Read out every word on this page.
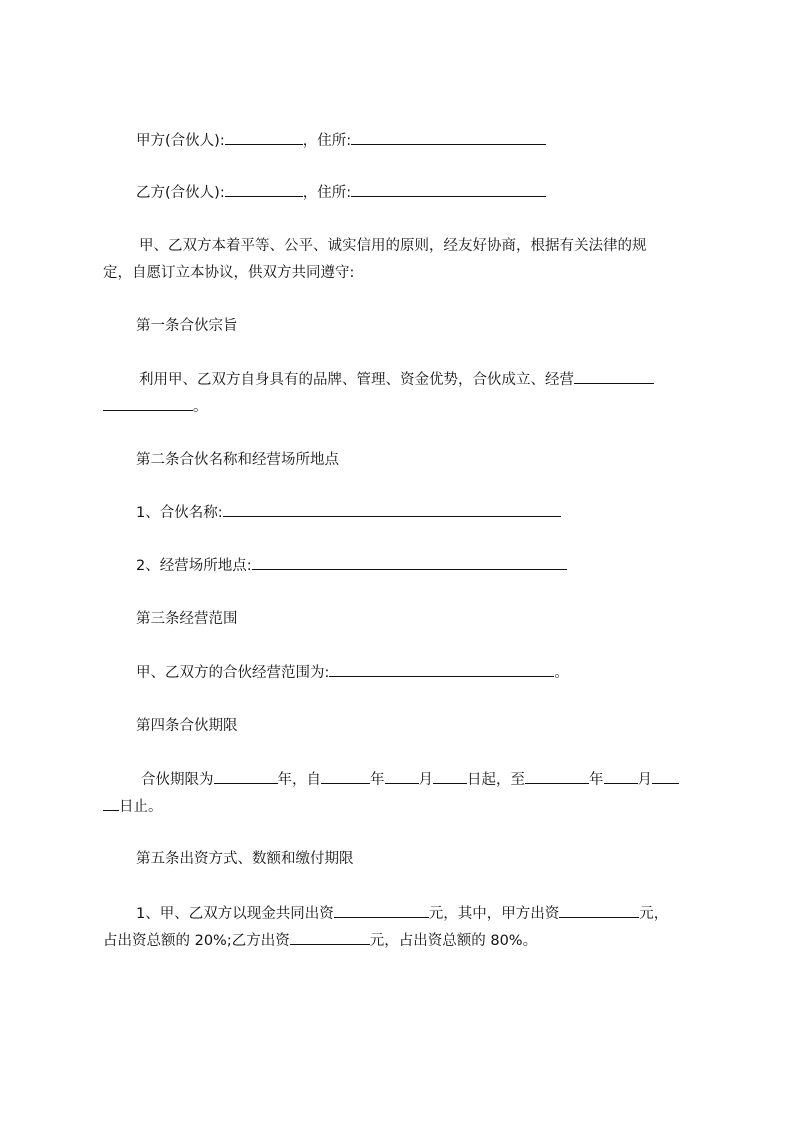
甲方(合伙人):	，住所:
乙方(合伙人):	，住所:
甲、乙双方本着平等、公平、诚实信用的原则，经友好协商，根据有关法律的规
定，自愿订立本协议，供双方共同遵守:
第一条合伙宗旨
利用甲、乙双方自身具有的品牌、管理、资金优势，合伙成立、经营
。
第二条合伙名称和经营场所地点
1、合伙名称:
2、经营场所地点:
第三条经营范围
甲、乙双方的合伙经营范围为:	。
第四条合伙期限
合伙期限为	年，自	年 月 日起，至	年 月
日止。
第五条出资方式、数额和缴付期限
1、甲、乙双方以现金共同出资	元，其中，甲方出资	元，
占出资总额的 20%;乙方出资	元，占出资总额的 80%。
